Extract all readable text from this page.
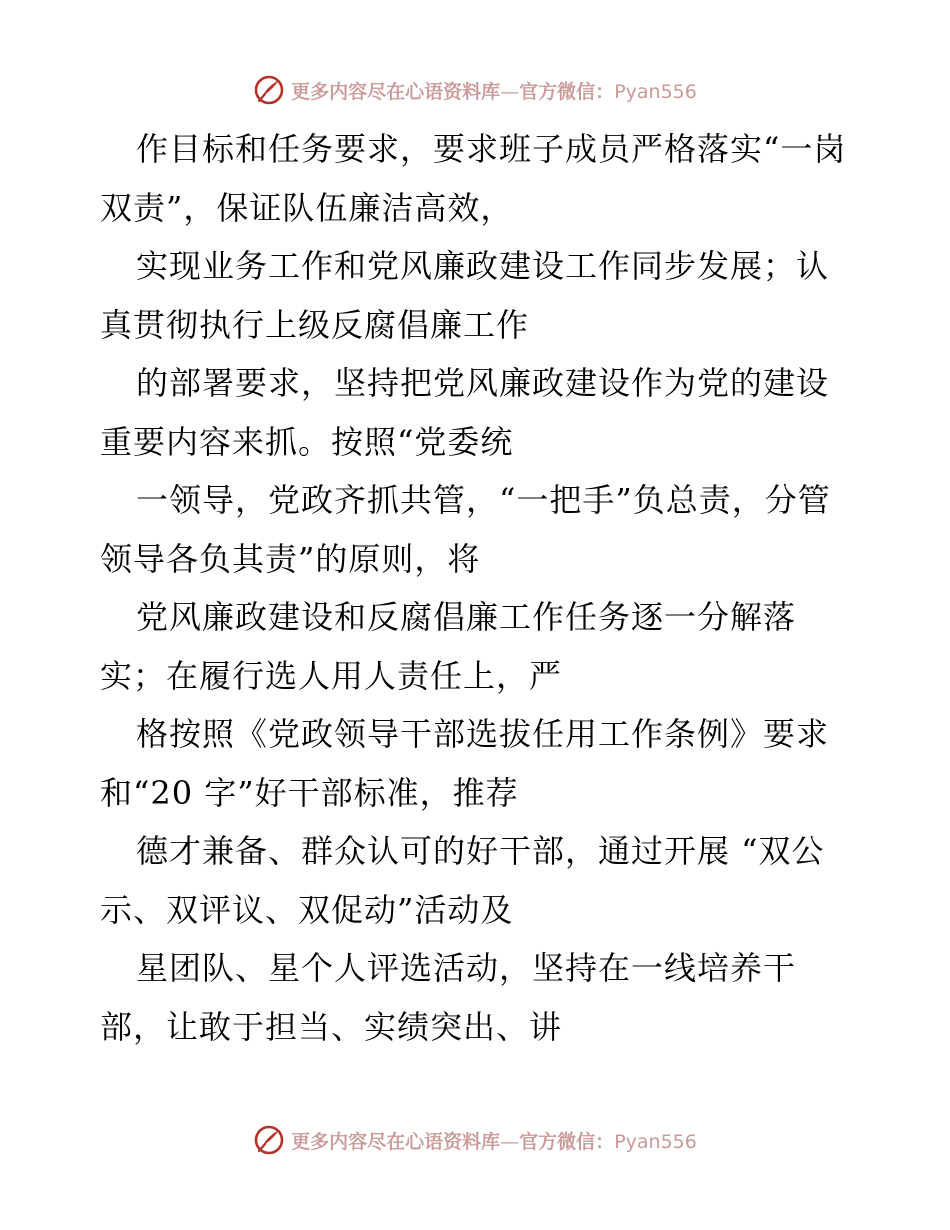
更多内容尽在心语资料库—官方微信：Pyan556

作目标和任务要求，要求班子成员严格落实“一岗双责”，保证队伍廉洁高效，

实现业务工作和党风廉政建设工作同步发展；认真贯彻执行上级反腐倡廉工作

的部署要求，坚持把党风廉政建设作为党的建设重要内容来抓。按照“党委统

一领导，党政齐抓共管，“一把手”负总责，分管领导各负其责”的原则，将

党风廉政建设和反腐倡廉工作任务逐一分解落实；在履行选人用人责任上，严

格按照《党政领导干部选拔任用工作条例》要求和“20 字”好干部标准，推荐

德才兼备、群众认可的好干部，通过开展 “双公示、双评议、双促动”活动及

星团队、星个人评选活动，坚持在一线培养干部，让敢于担当、实绩突出、讲

更多内容尽在心语资料库—官方微信：Pyan556
